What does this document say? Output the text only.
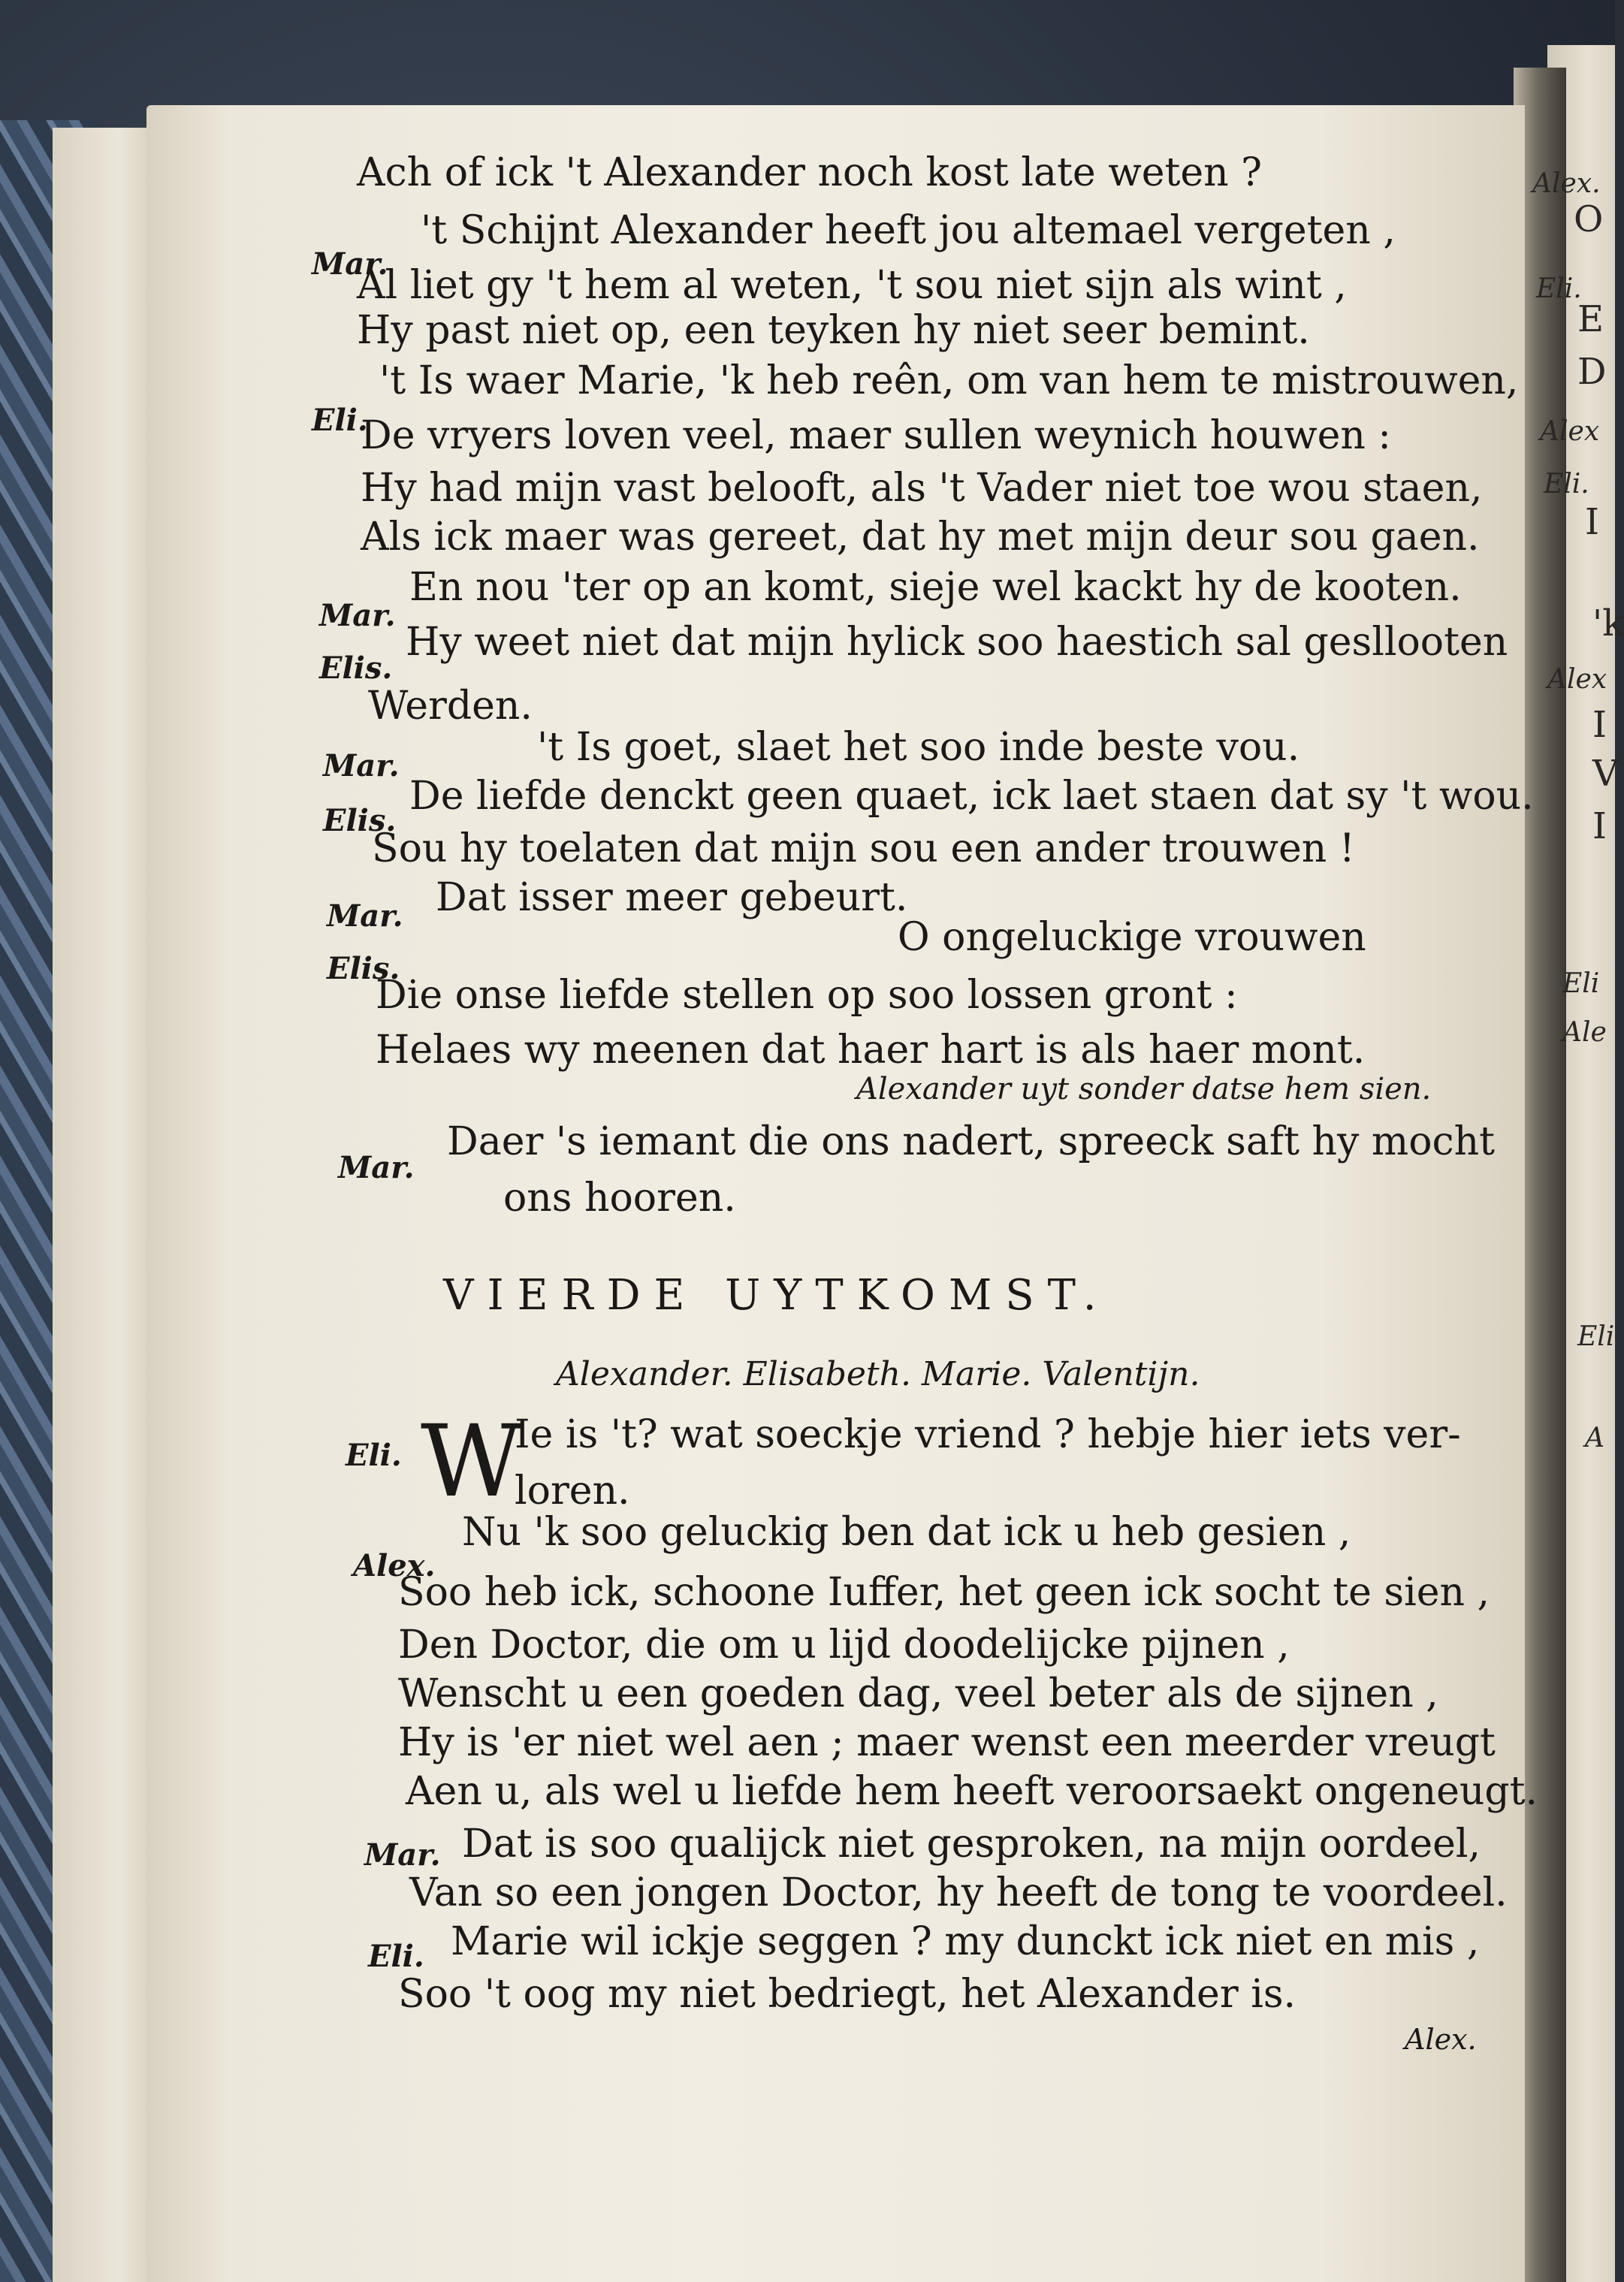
Ach of ick 't Alexander noch kost late weten ?
Mar.
't Schijnt Alexander heeft jou altemael vergeten ,
Al liet gy 't hem al weten, 't sou niet sijn als wint ,
Hy past niet op, een teyken hy niet seer bemint.
Eli.
't Is waer Marie, 'k heb reên, om van hem te mistrouwen,
De vryers loven veel, maer sullen weynich houwen :
Hy had mijn vast belooft, als 't Vader niet toe wou staen,
Als ick maer was gereet, dat hy met mijn deur sou gaen.
Mar.
En nou 'ter op an komt, sieje wel kackt hy de kooten.
Elis.
Hy weet niet dat mijn hylick soo haestich sal gesllooten
Werden.
Mar.	't Is goet, slaet het soo inde beste vou.
Elis.
De liefde denckt geen quaet, ick laet staen dat sy 't wou.
Sou hy toelaten dat mijn sou een ander trouwen !
Mar. Dat isser meer gebeurt.
O ongeluckige vrouwen
Elis.
Die onse liefde stellen op soo lossen gront :
Helaes wy meenen dat haer hart is als haer mont.
Alexander uyt sonder datse hem sien.
Mar.
Daer 's iemant die ons nadert, spreeck saft hy mocht
ons hooren.
VIERDE UYTKOMST.
Alexander. Elisabeth. Marie. Valentijn.
Eli. W
Ie is 't? wat soeckje vriend ? hebje hier iets ver-
loren.
Alex.
Nu 'k soo geluckig ben dat ick u heb gesien ,
Soo heb ick, schoone Iuffer, het geen ick socht te sien ,
Den Doctor, die om u lijd doodelijcke pijnen ,
Wenscht u een goeden dag, veel beter als de sijnen ,
Hy is 'er niet wel aen ; maer wenst een meerder vreugt
Aen u, als wel u liefde hem heeft veroorsaekt ongeneugt.
Mar. Dat is soo qualijck niet gesproken, na mijn oordeel,
Van so een jongen Doctor, hy heeft de tong te voordeel.
Eli. Marie wil ickje seggen ? my dunckt ick niet en mis ,
Soo 't oog my niet bedriegt, het Alexander is.
Alex.
Alex.
O
Eli.
E
D
Alex
Eli.
I
'k
Alex
I
V
I
Eli
Ale
Eli
A
